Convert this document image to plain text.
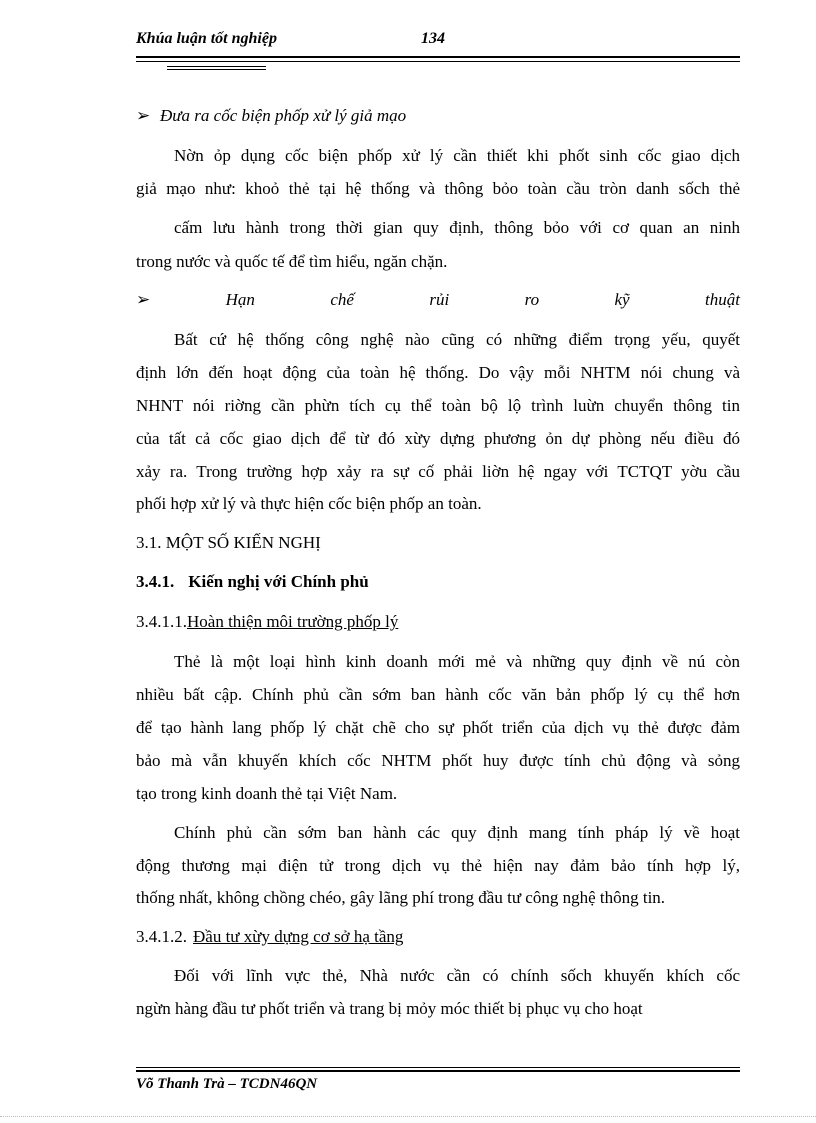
Khúa luận tốt nghiệp	134
➢ Đưa ra cốc biện phốp xử lý giả mạo
Nờn ỏp dụng cốc biện phốp xử lý cần thiết khi phốt sinh cốc giao dịch
giả mạo như: khoỏ thẻ tại hệ thống và thông bỏo toàn cầu tròn danh sốch thẻ
cấm lưu hành trong thời gian quy định, thông bỏo với cơ quan an ninh
trong nước và quốc tế để tìm hiểu, ngăn chặn.
➢	Hạn	chế	rủi	ro	kỹ	thuật
Bất cứ hệ thống công nghệ nào cũng có những điểm trọng yếu, quyết
định lớn đến hoạt động của toàn hệ thống. Do vậy mỗi NHTM nói chung và
NHNT nói riờng cần phừn tích cụ thể toàn bộ lộ trình luừn chuyển thông tin
của tất cả cốc giao dịch để từ đó xừy dựng phương ỏn dự phòng nếu điều đó
xảy ra. Trong trường hợp xảy ra sự cố phải liờn hệ ngay với TCTQT yờu cầu
phối hợp xử lý và thực hiện cốc biện phốp an toàn.
3.1. MỘT SỐ KIẾN NGHỊ
3.4.1. Kiến nghị với Chính phủ
3.4.1.1.Hoàn thiện môi trường phốp lý
Thẻ là một loại hình kinh doanh mới mẻ và những quy định về nú còn
nhiều bất cập. Chính phủ cần sớm ban hành cốc văn bản phốp lý cụ thể hơn
để tạo hành lang phốp lý chặt chẽ cho sự phốt triển của dịch vụ thẻ được đảm
bảo mà vẫn khuyến khích cốc NHTM phốt huy được tính chủ động và sỏng
tạo trong kinh doanh thẻ tại Việt Nam.
Chính phủ cần sớm ban hành các quy định mang tính pháp lý về hoạt
động thương mại điện tử trong dịch vụ thẻ hiện nay đảm bảo tính hợp lý,
thống nhất, không chồng chéo, gây lãng phí trong đầu tư công nghệ thông tin.
3.4.1.2. Đầu tư xừy dựng cơ sở hạ tầng
Đối với lĩnh vực thẻ, Nhà nước cần có chính sốch khuyến khích cốc
ngừn hàng đầu tư phốt triển và trang bị mỏy móc thiết bị phục vụ cho hoạt
Võ Thanh Trà – TCDN46QN
